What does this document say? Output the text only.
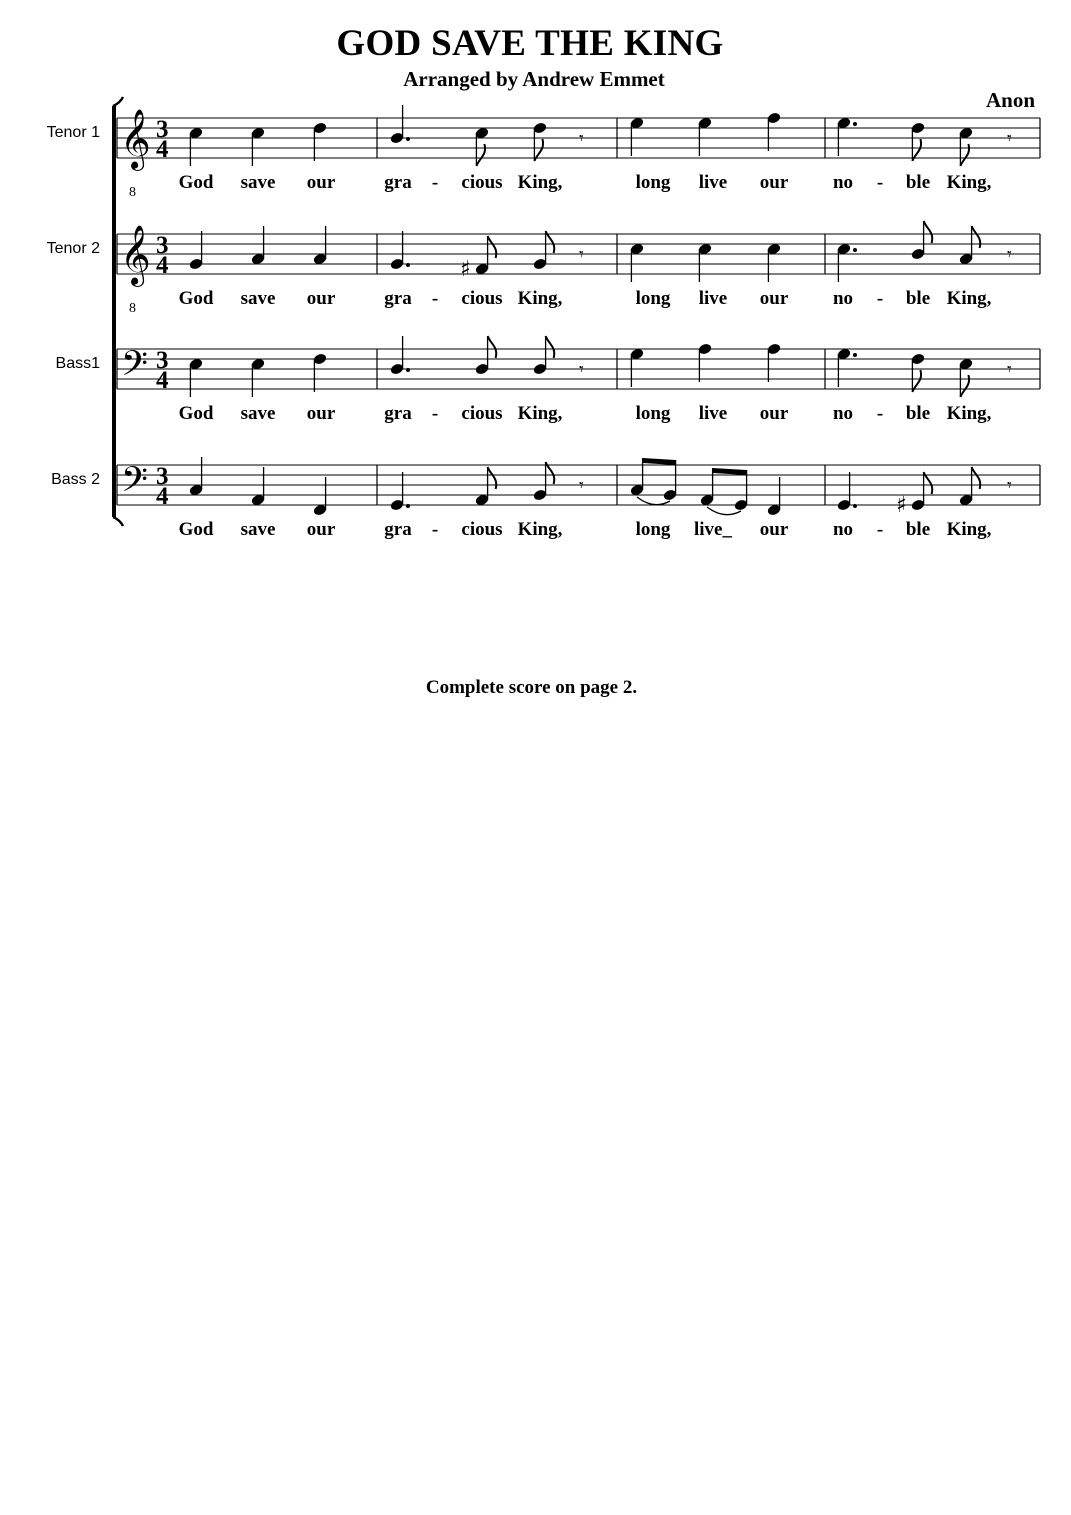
GOD SAVE THE KING
Arranged by Andrew Emmet
Anon
Tenor 1
Tenor 2
Bass1
Bass 2
𝄞
8
3
4	𝄾	𝄾
God save our	gra - cious King,	long live our no - ble King,
𝄞
8
3
4	♯
𝄾	𝄾
God save our	gra - cious King,	long live our no - ble King,
𝄢 3
4	𝄾	𝄾
God save our	gra - cious King,	long live our no - ble King,
𝄢 3
4	𝄾
♯
𝄾
God save our	gra - cious King,	long live_ our no - ble King,
Complete score on page 2.
